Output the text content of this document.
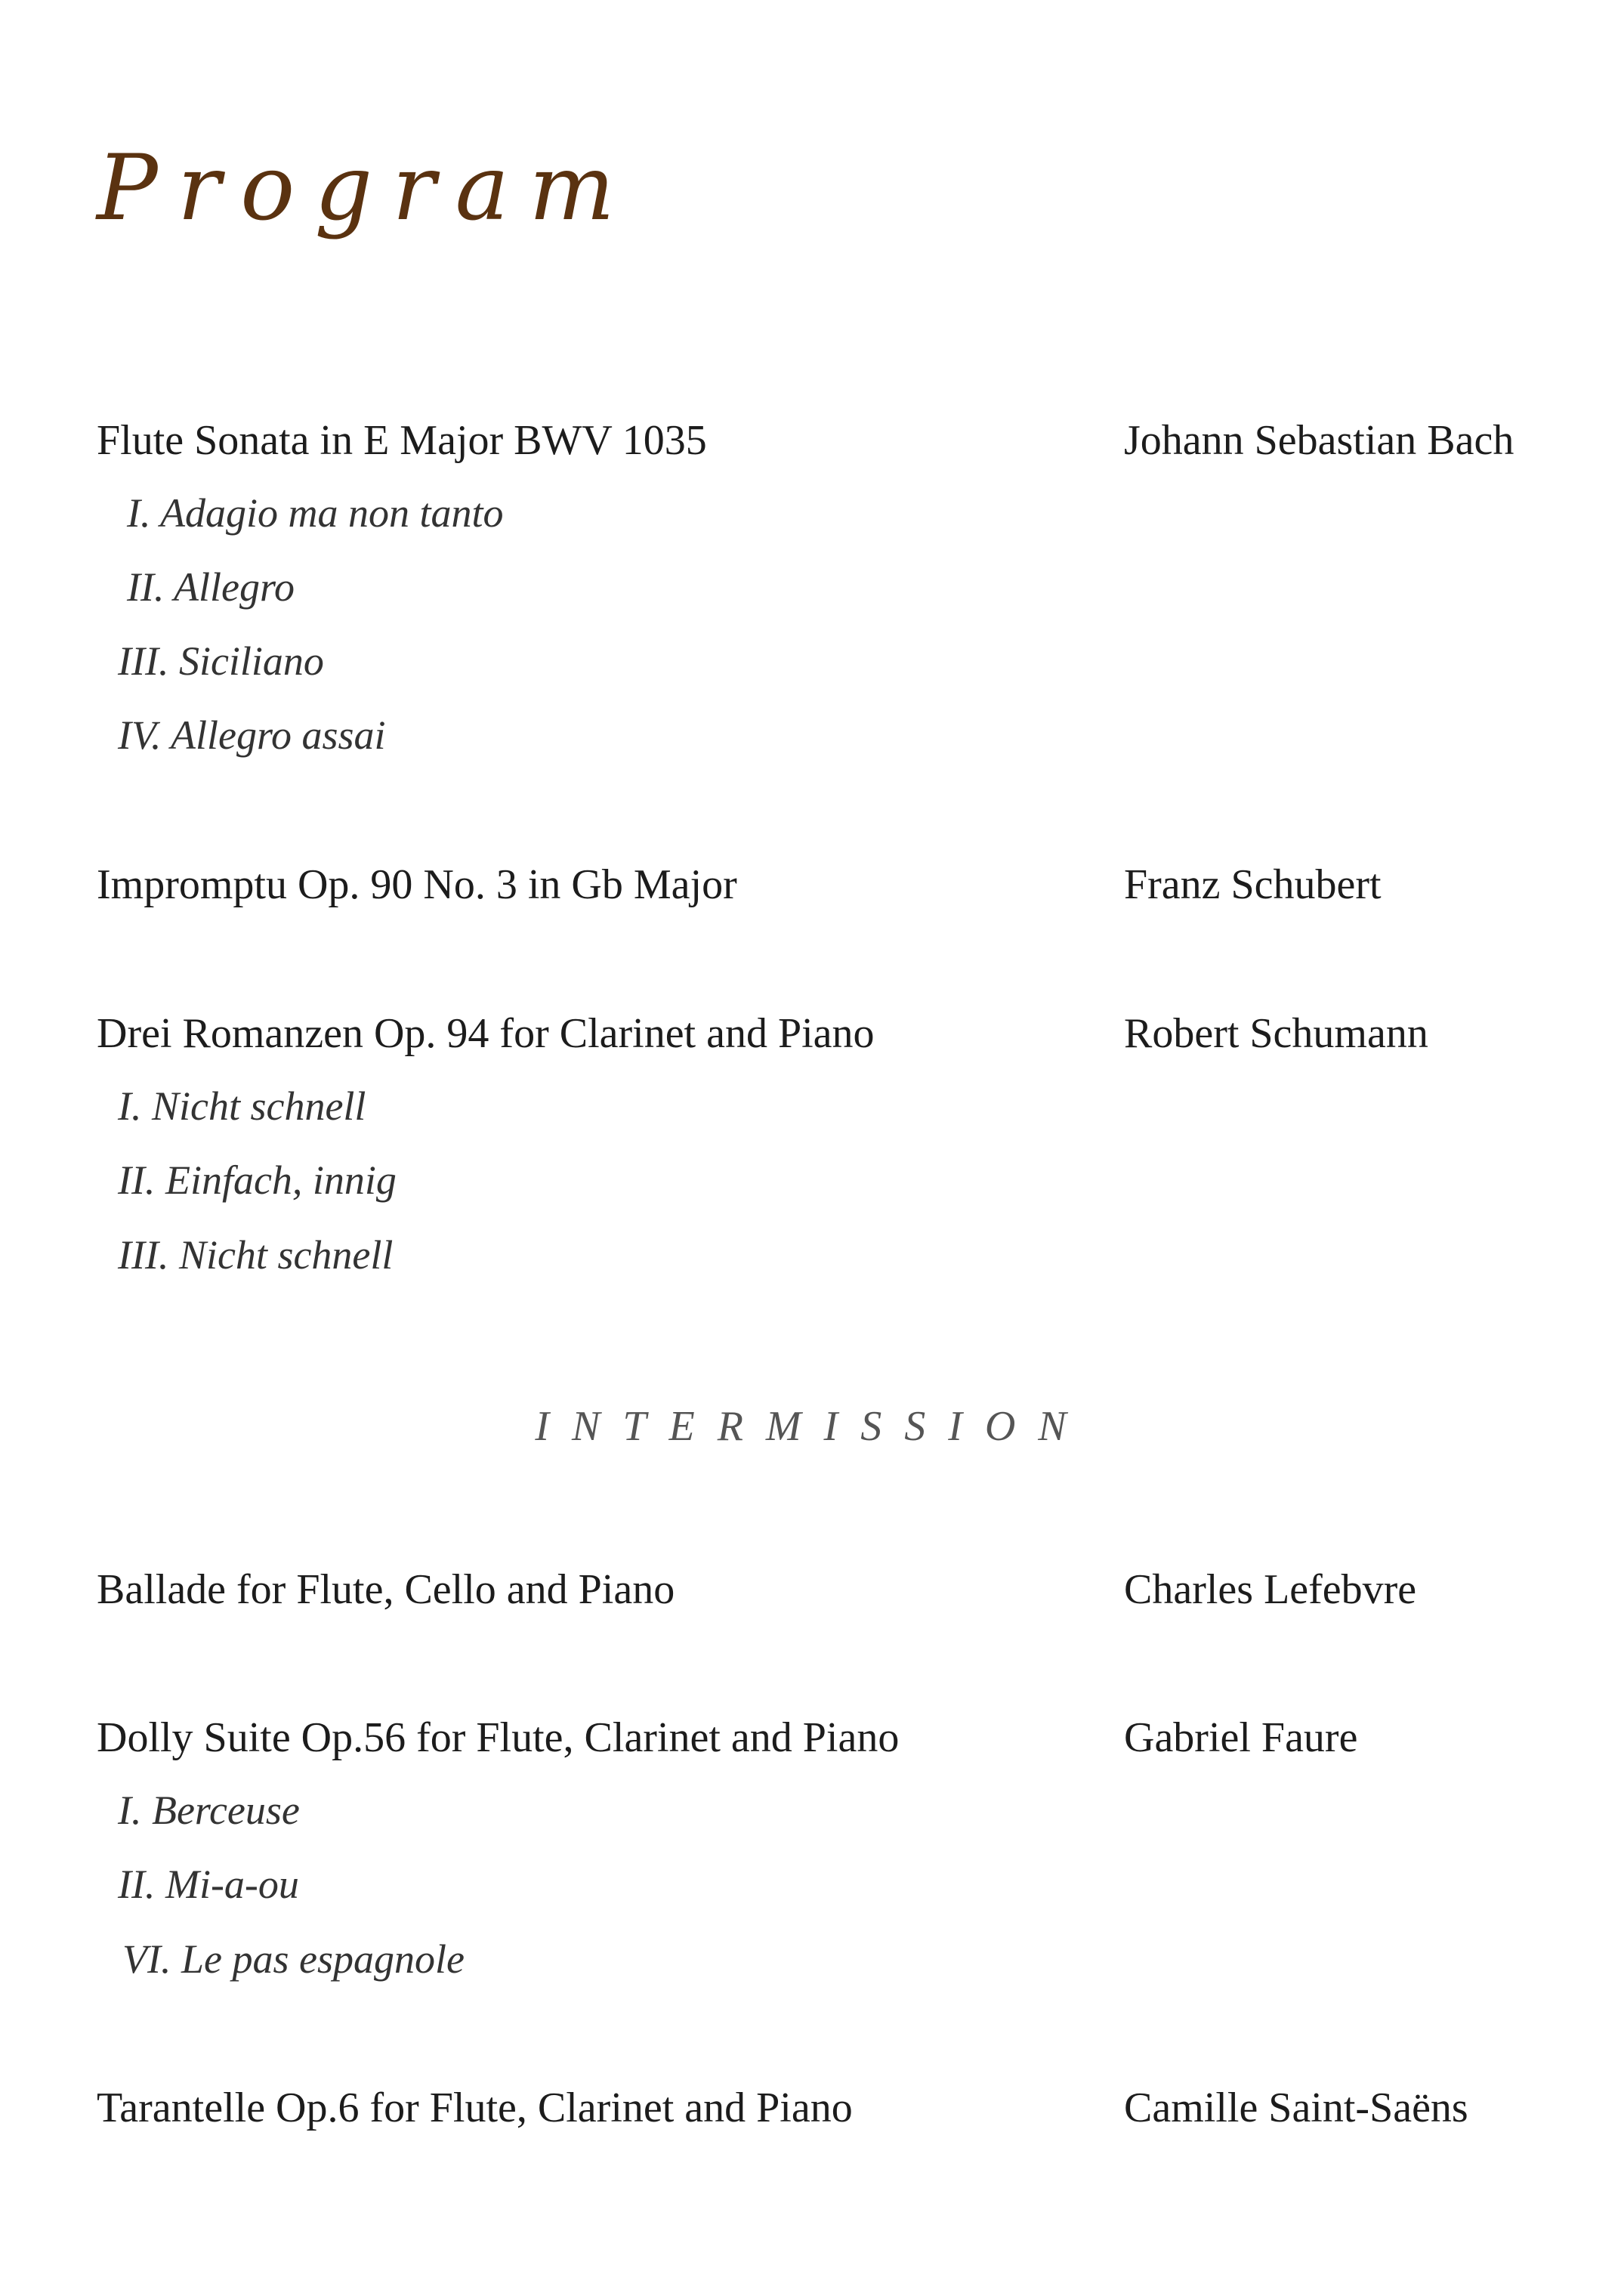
Program
Flute Sonata in E Major BWV 1035	Johann Sebastian Bach
I. Adagio ma non tanto
II. Allegro
III. Siciliano
IV. Allegro assai
Impromptu Op. 90 No. 3 in Gb Major	Franz Schubert
Drei Romanzen Op. 94 for Clarinet and Piano	Robert Schumann
I. Nicht schnell
II. Einfach, innig
III. Nicht schnell
INTERMISSION
Ballade for Flute, Cello and Piano	Charles Lefebvre
Dolly Suite Op.56 for Flute, Clarinet and Piano	Gabriel Faure
I. Berceuse
II. Mi-a-ou
VI. Le pas espagnole
Tarantelle Op.6 for Flute, Clarinet and Piano	Camille Saint-Saëns
